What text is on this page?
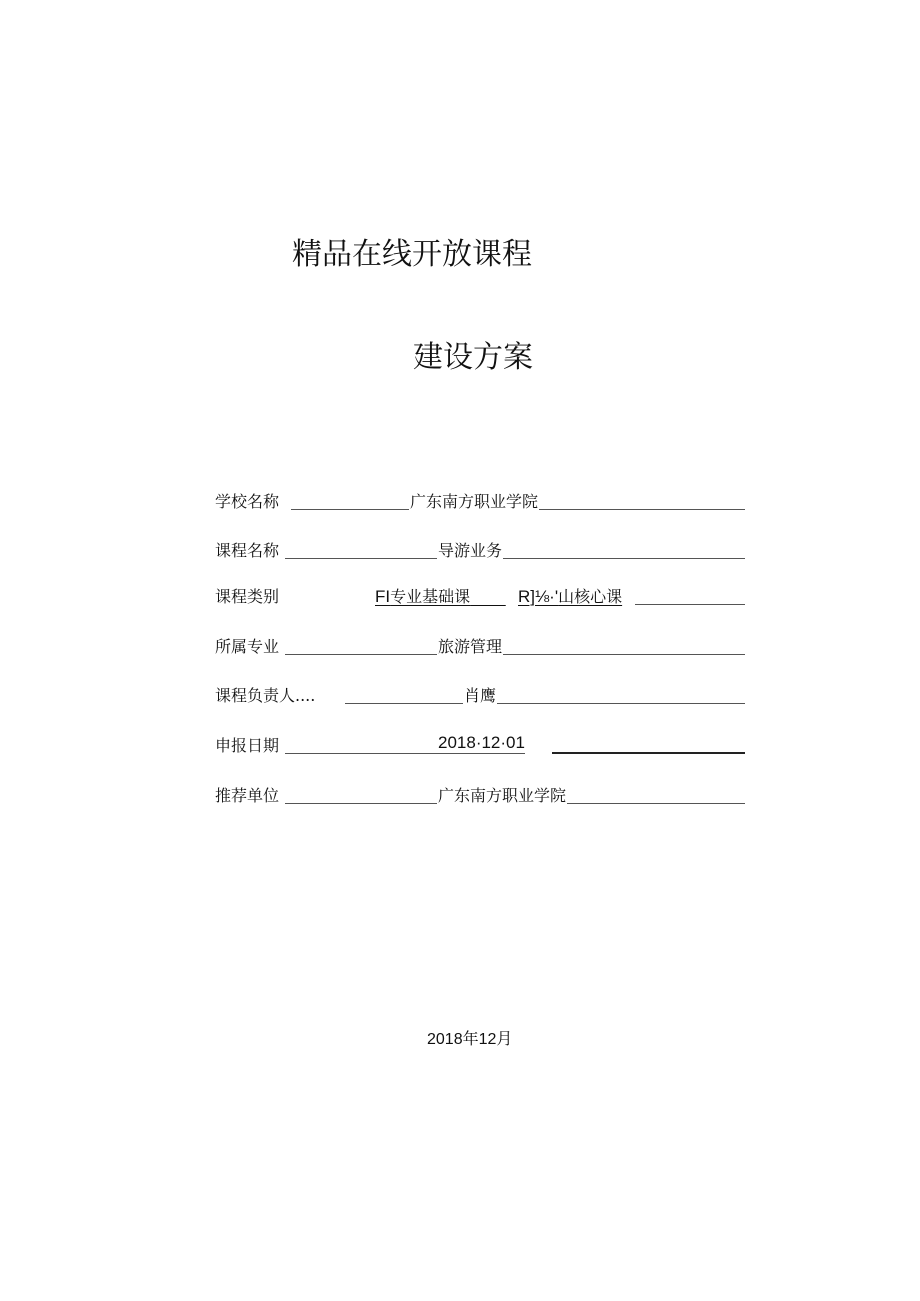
精品在线开放课程
建设方案
学校名称	广东南方职业学院
课程名称	导游业务
课程类别	FI专业基础课	R]⅛·'山核心课
所属专业	旅游管理
课程负责人....	肖鹰
申报日期	2018·12·01
推荐单位	广东南方职业学院
2018年12月
